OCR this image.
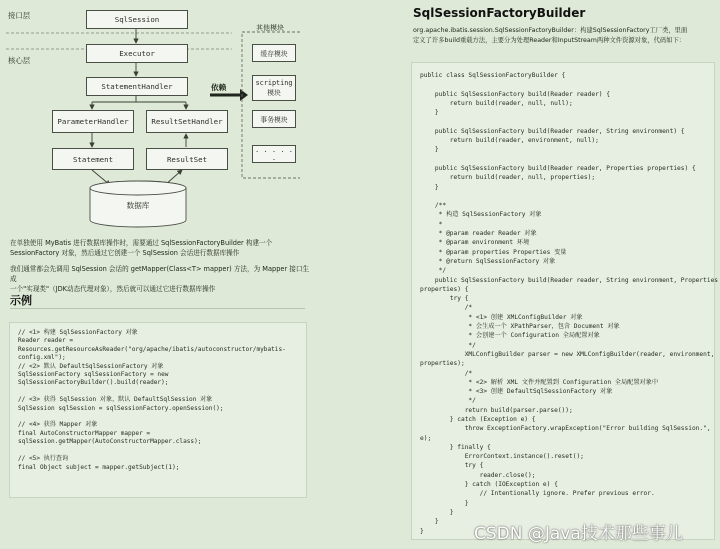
接口层
核心层
SqlSession
Executor
StatementHandler
ParameterHandler	ResultSetHandler
Statement	ResultSet
数据库
依赖
其他模块
缓存模块
scripting
模块
事务模块
. . . . . .
在单独使用 MyBatis 进行数据库操作时，需要通过 SqlSessionFactoryBuilder 构建一个
SessionFactory 对象，然后通过它创建一个 SqlSession 会话进行数据库操作
我们通常都会先调用 SqlSession 会话的 getMapper(Class<T> mapper) 方法，为 Mapper 接口生成
一个"实现类"（JDK动态代理对象），然后就可以通过它进行数据库操作
示例
// <1> 构建 SqlSessionFactory 对象
Reader reader =
Resources.getResourceAsReader("org/apache/ibatis/autoconstructor/mybatis-
config.xml");
// <2> 默认 DefaultSqlSessionFactory 对象
SqlSessionFactory sqlSessionFactory = new
SqlSessionFactoryBuilder().build(reader);

// <3> 获得 SqlSession 对象，默认 DefaultSqlSession 对象
SqlSession sqlSession = sqlSessionFactory.openSession();

// <4> 获得 Mapper 对象
final AutoConstructorMapper mapper =
sqlSession.getMapper(AutoConstructorMapper.class);

// <5> 执行查询
final Object subject = mapper.getSubject(1);
SqlSessionFactoryBuilder
org.apache.ibatis.session.SqlSessionFactoryBuilder：构建SqlSessionFactory工厂类，里面
定义了许多build重载方法，主要分为处理Reader和InputStream两种文件资源对象，代码如下：
public class SqlSessionFactoryBuilder {

public SqlSessionFactory build(Reader reader) {
return build(reader, null, null);
}

public SqlSessionFactory build(Reader reader, String environment) {
return build(reader, environment, null);
}

public SqlSessionFactory build(Reader reader, Properties properties) {
return build(reader, null, properties);
}

/**
* 构造 SqlSessionFactory 对象
*
* @param reader Reader 对象
* @param environment 环境
* @param properties Properties 变量
* @return SqlSessionFactory 对象
*/
public SqlSessionFactory build(Reader reader, String environment, Properties
properties) {
try {
/*
* <1> 创建 XMLConfigBuilder 对象
* 会生成一个 XPathParser，包含 Document 对象
* 会创建一个 Configuration 全局配置对象
*/
XMLConfigBuilder parser = new XMLConfigBuilder(reader, environment,
properties);
/*
* <2> 解析 XML 文件并配置到 Configuration 全局配置对象中
* <3> 创建 DefaultSqlSessionFactory 对象
*/
return build(parser.parse());
} catch (Exception e) {
throw ExceptionFactory.wrapException("Error building SqlSession.",
e);
} finally {
ErrorContext.instance().reset();
try {
reader.close();
} catch (IOException e) {
// Intentionally ignore. Prefer previous error.
}
}
}
}	CSDN @Java技术那些事儿
